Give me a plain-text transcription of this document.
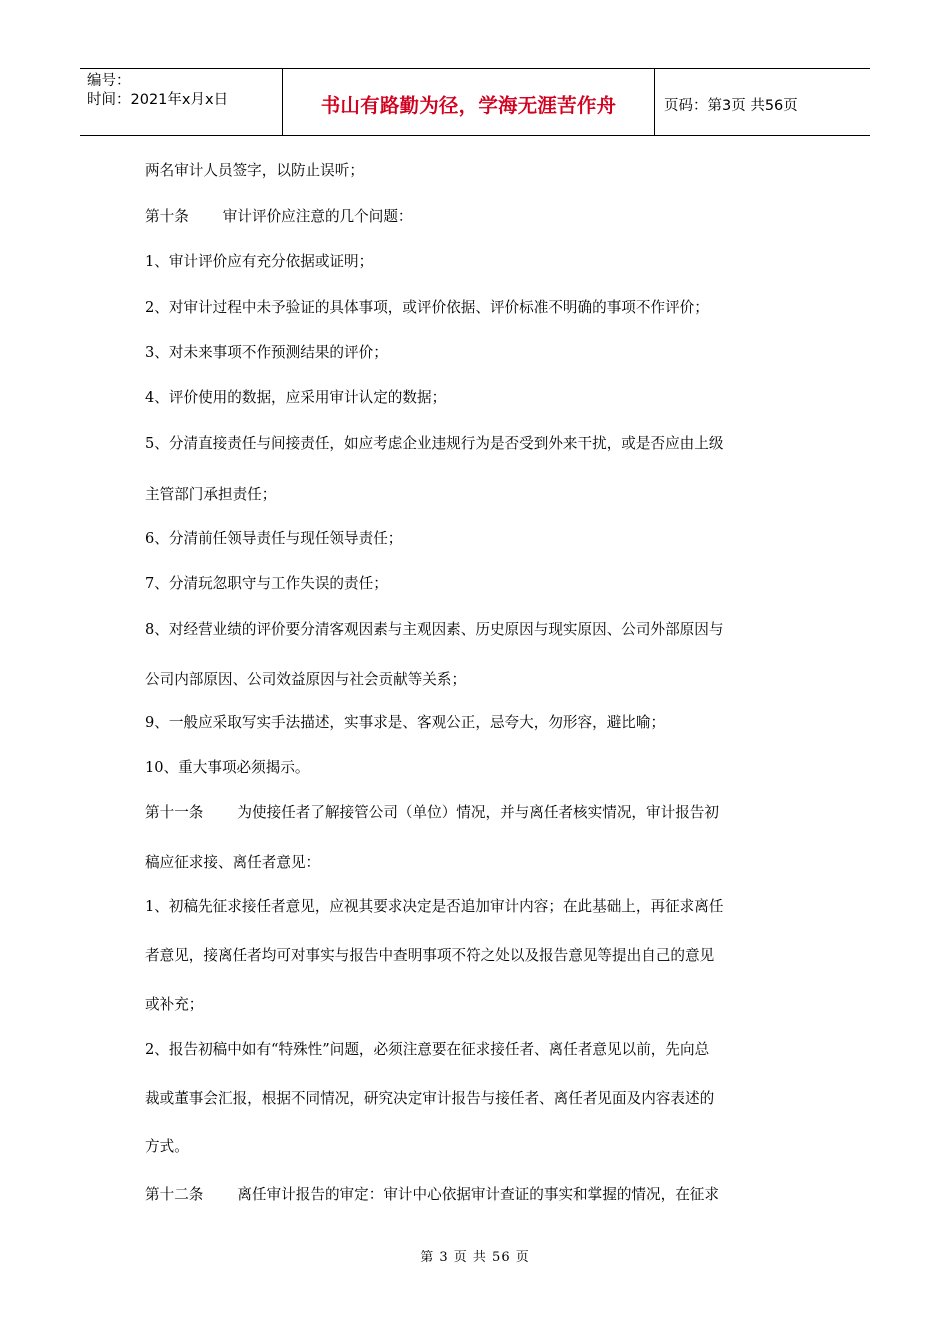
编号：
时间：2021年x月x日	书山有路勤为径，学海无涯苦作舟	页码：第3页 共56页
两名审计人员签字，以防止误听；
第十条 审计评价应注意的几个问题：
1、审计评价应有充分依据或证明；
2、对审计过程中未予验证的具体事项，或评价依据、评价标准不明确的事项不作评价；
3、对未来事项不作预测结果的评价；
4、评价使用的数据，应采用审计认定的数据；
5、分清直接责任与间接责任，如应考虑企业违规行为是否受到外来干扰，或是否应由上级
主管部门承担责任；
6、分清前任领导责任与现任领导责任；
7、分清玩忽职守与工作失误的责任；
8、对经营业绩的评价要分清客观因素与主观因素、历史原因与现实原因、公司外部原因与
公司内部原因、公司效益原因与社会贡献等关系；
9、一般应采取写实手法描述，实事求是、客观公正，忌夸大，勿形容，避比喻；
10、重大事项必须揭示。
第十一条 为使接任者了解接管公司（单位）情况，并与离任者核实情况，审计报告初
稿应征求接、离任者意见：
1、初稿先征求接任者意见，应视其要求决定是否追加审计内容；在此基础上，再征求离任
者意见，接离任者均可对事实与报告中查明事项不符之处以及报告意见等提出自己的意见
或补充；
2、报告初稿中如有“特殊性”问题，必须注意要在征求接任者、离任者意见以前，先向总
裁或董事会汇报，根据不同情况，研究决定审计报告与接任者、离任者见面及内容表述的
方式。
第十二条 离任审计报告的审定：审计中心依据审计查证的事实和掌握的情况，在征求
第 3 页 共 56 页
